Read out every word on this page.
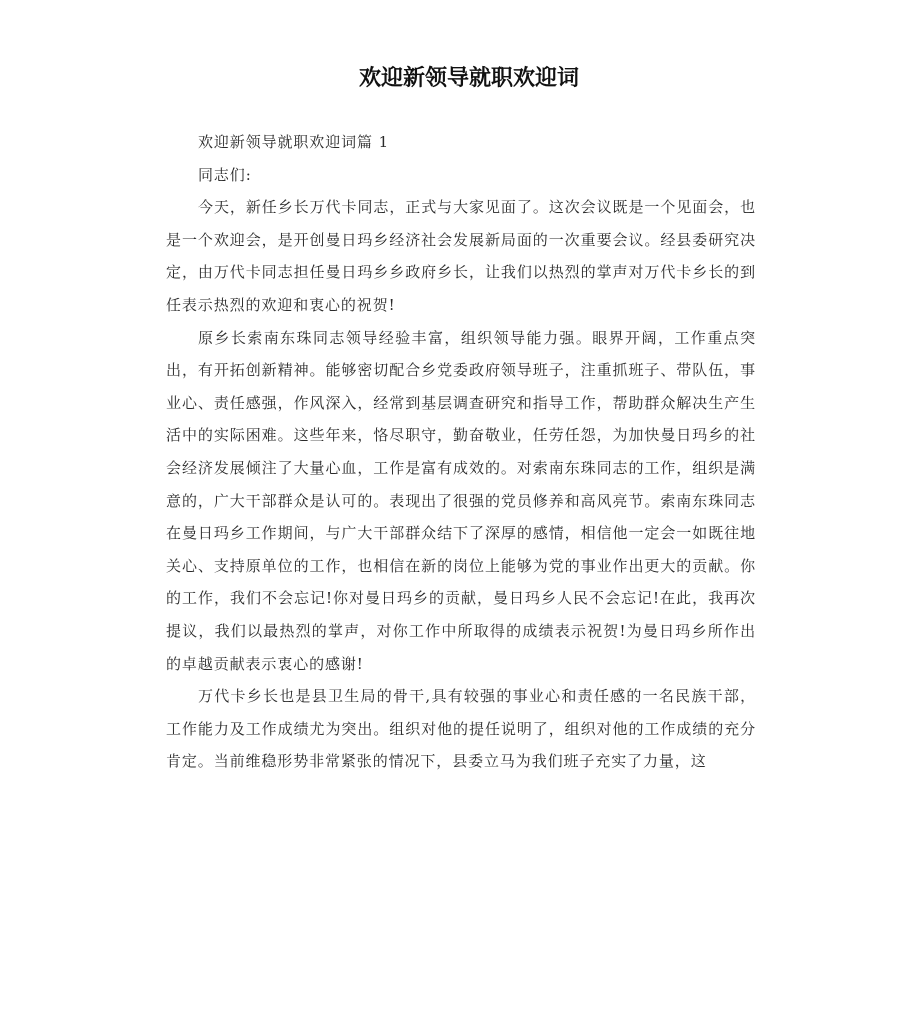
欢迎新领导就职欢迎词

欢迎新领导就职欢迎词篇 1

同志们:

今天，新任乡长万代卡同志，正式与大家见面了。这次会议既是一个见面会，也是一个欢迎会，是开创曼日玛乡经济社会发展新局面的一次重要会议。经县委研究决定，由万代卡同志担任曼日玛乡乡政府乡长，让我们以热烈的掌声对万代卡乡长的到任表示热烈的欢迎和衷心的祝贺!

原乡长索南东珠同志领导经验丰富，组织领导能力强。眼界开阔，工作重点突出，有开拓创新精神。能够密切配合乡党委政府领导班子，注重抓班子、带队伍，事业心、责任感强，作风深入，经常到基层调查研究和指导工作，帮助群众解决生产生活中的实际困难。这些年来，恪尽职守，勤奋敬业，任劳任怨，为加快曼日玛乡的社会经济发展倾注了大量心血，工作是富有成效的。对索南东珠同志的工作，组织是满意的，广大干部群众是认可的。表现出了很强的党员修养和高风亮节。索南东珠同志在曼日玛乡工作期间，与广大干部群众结下了深厚的感情，相信他一定会一如既往地关心、支持原单位的工作，也相信在新的岗位上能够为党的事业作出更大的贡献。你的工作，我们不会忘记!你对曼日玛乡的贡献，曼日玛乡人民不会忘记!在此，我再次提议，我们以最热烈的掌声，对你工作中所取得的成绩表示祝贺!为曼日玛乡所作出的卓越贡献表示衷心的感谢!

万代卡乡长也是县卫生局的骨干,具有较强的事业心和责任感的一名民族干部，工作能力及工作成绩尤为突出。组织对他的提任说明了，组织对他的工作成绩的充分肯定。当前维稳形势非常紧张的情况下，县委立马为我们班子充实了力量，这
